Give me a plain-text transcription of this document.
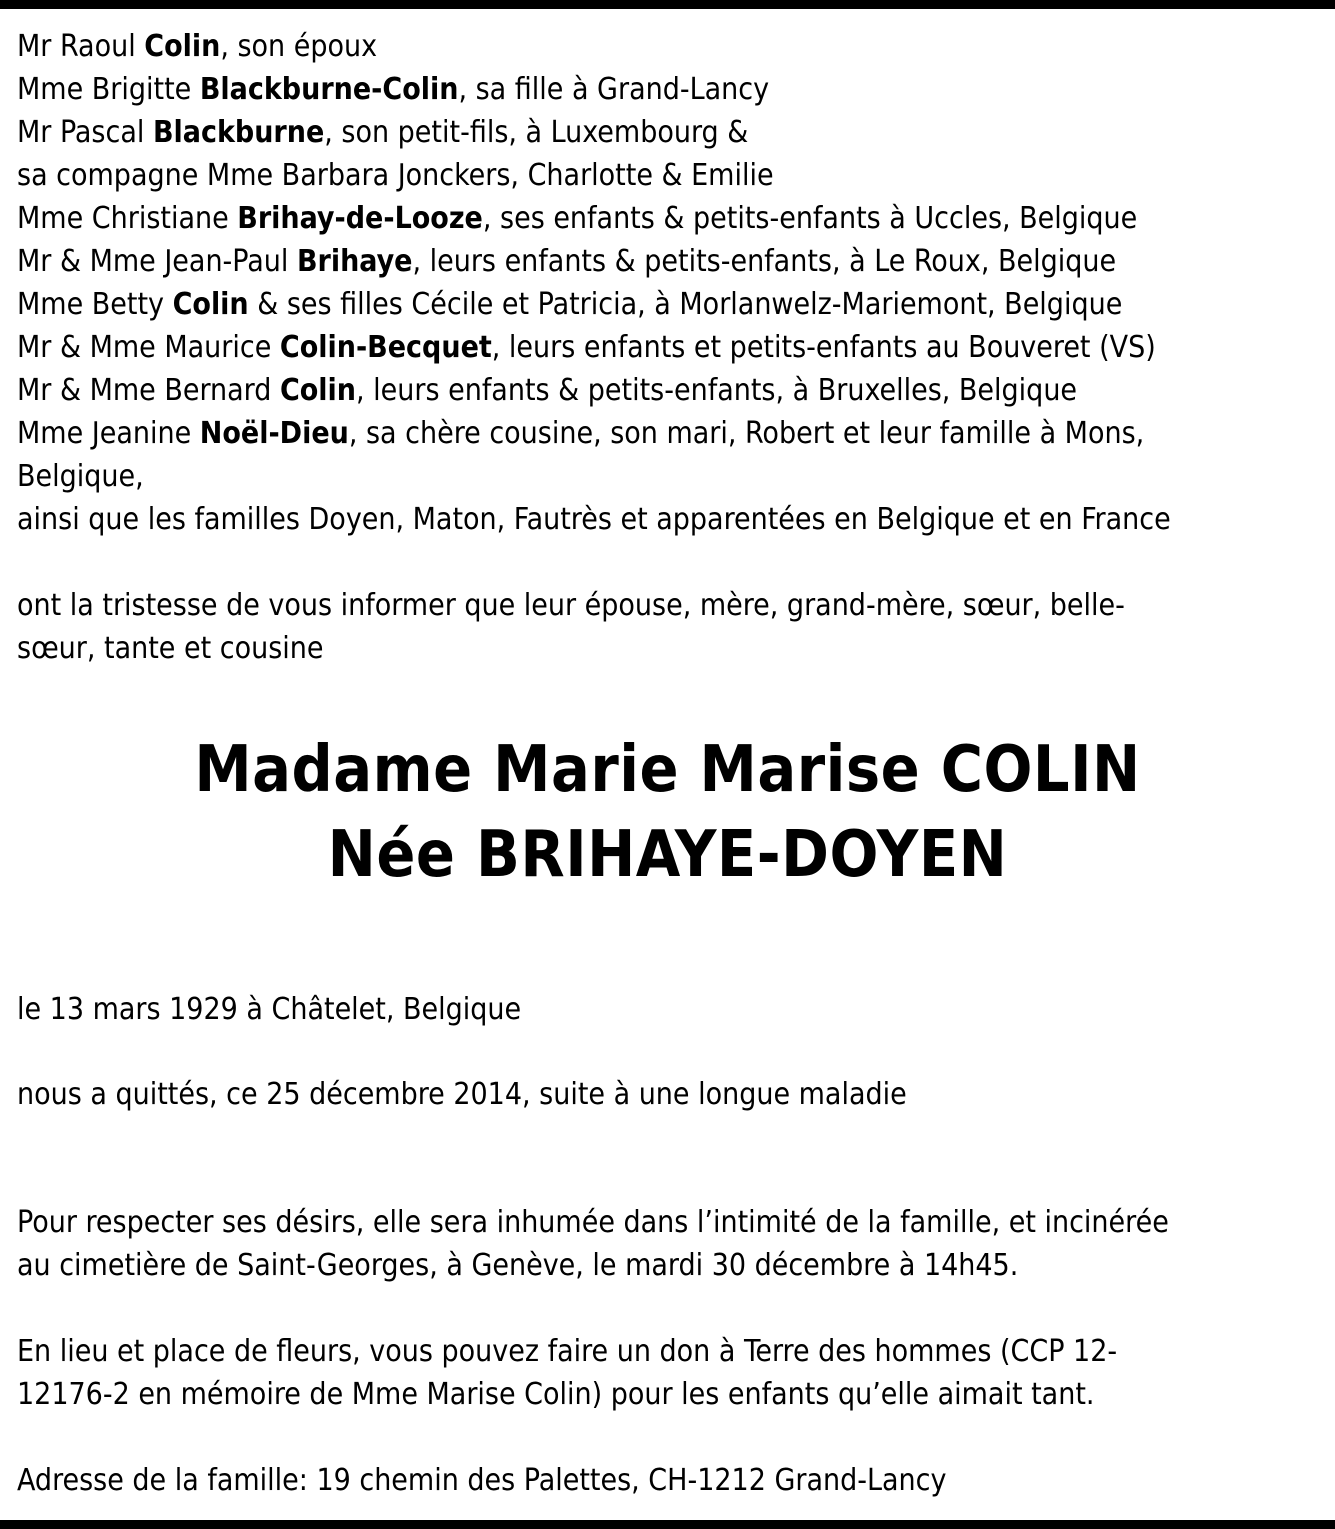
Mr Raoul Colin, son époux
Mme Brigitte Blackburne-Colin, sa fille à Grand-Lancy
Mr Pascal Blackburne, son petit-fils, à Luxembourg &
sa compagne Mme Barbara Jonckers, Charlotte & Emilie
Mme Christiane Brihay-de-Looze, ses enfants & petits-enfants à Uccles, Belgique
Mr & Mme Jean-Paul Brihaye, leurs enfants & petits-enfants, à Le Roux, Belgique
Mme Betty Colin & ses filles Cécile et Patricia, à Morlanwelz-Mariemont, Belgique
Mr & Mme Maurice Colin-Becquet, leurs enfants et petits-enfants au Bouveret (VS)
Mr & Mme Bernard Colin, leurs enfants & petits-enfants, à Bruxelles, Belgique
Mme Jeanine Noël-Dieu, sa chère cousine, son mari, Robert et leur famille à Mons,
Belgique,
ainsi que les familles Doyen, Maton, Fautrès et apparentées en Belgique et en France
ont la tristesse de vous informer que leur épouse, mère, grand-mère, sœur, belle-
sœur, tante et cousine
Madame Marie Marise COLIN
Née BRIHAYE-DOYEN
le 13 mars 1929 à Châtelet, Belgique
nous a quittés, ce 25 décembre 2014, suite à une longue maladie
Pour respecter ses désirs, elle sera inhumée dans l’intimité de la famille, et incinérée
au cimetière de Saint-Georges, à Genève, le mardi 30 décembre à 14h45.
En lieu et place de fleurs, vous pouvez faire un don à Terre des hommes (CCP 12-
12176-2 en mémoire de Mme Marise Colin) pour les enfants qu’elle aimait tant.
Adresse de la famille: 19 chemin des Palettes, CH-1212 Grand-Lancy
